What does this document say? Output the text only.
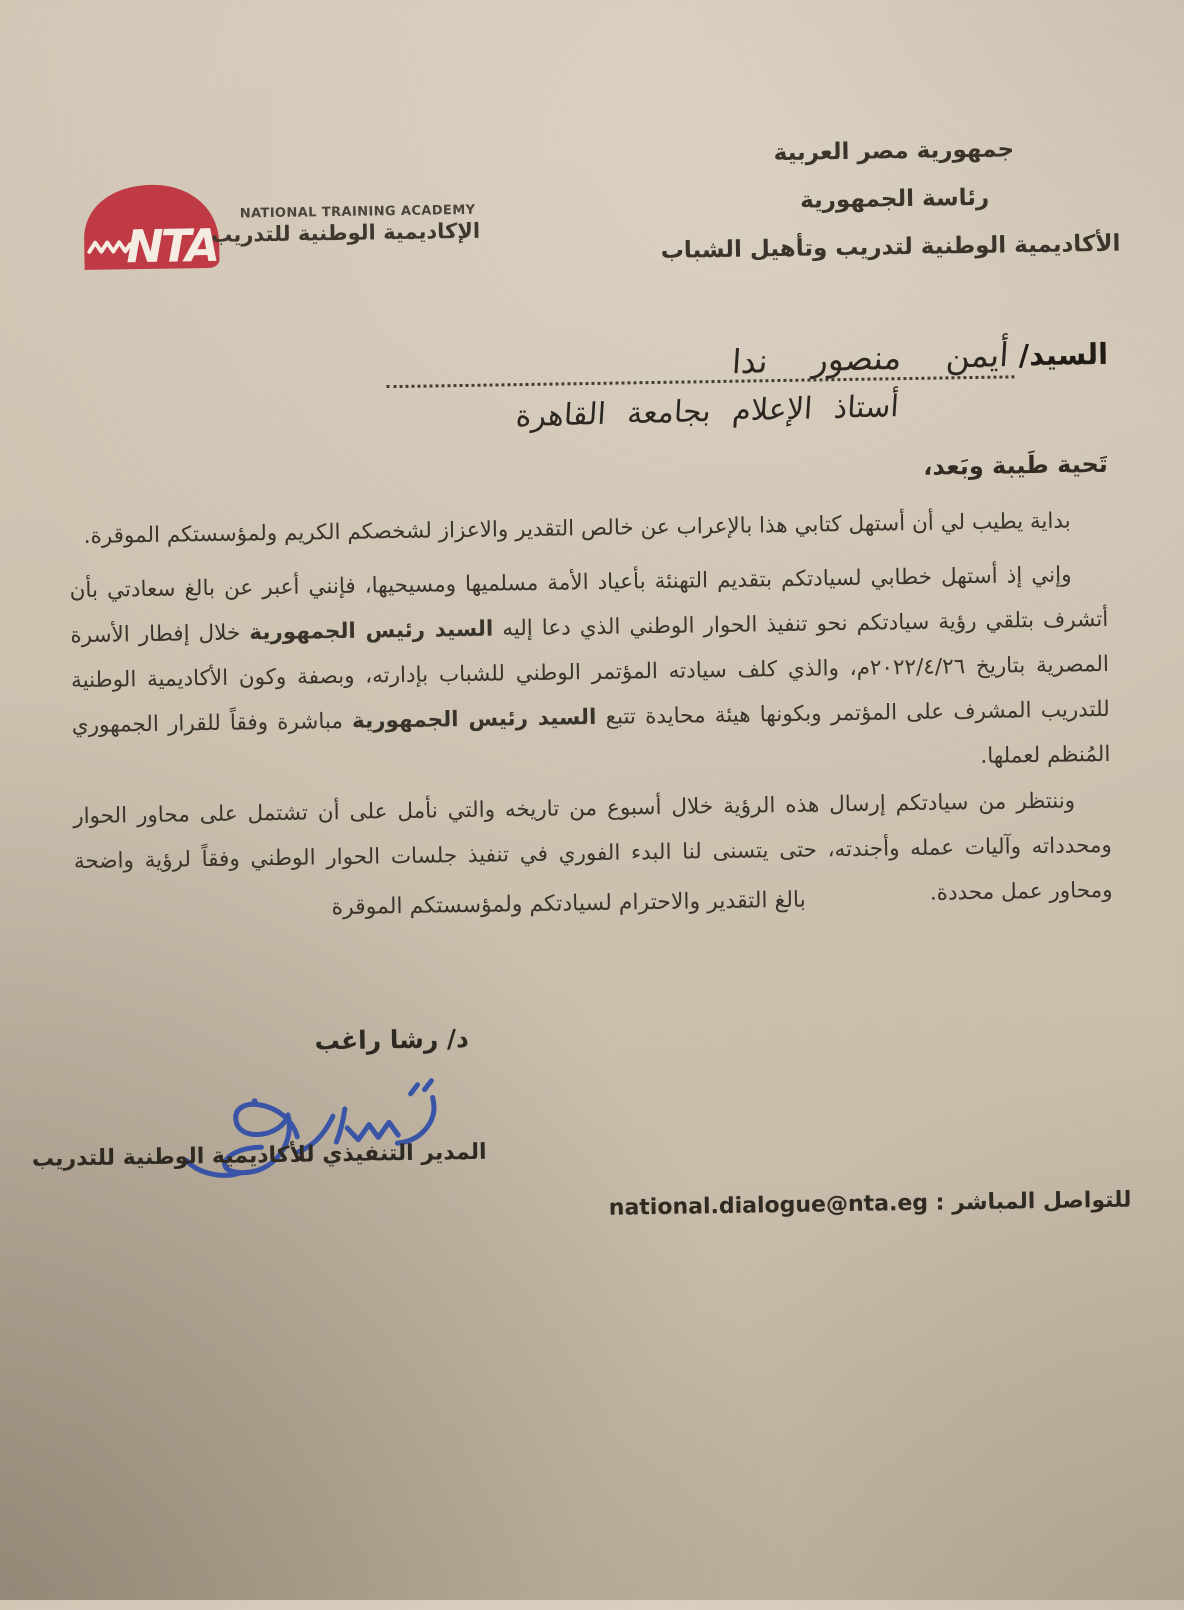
جمهورية مصر العربية
رئاسة الجمهورية
الأكاديمية الوطنية لتدريب وتأهيل الشباب
NTA
NATIONAL TRAINING ACADEMY
الإكاديمية الوطنية للتدريب
السيد/
أيمن منصور ندا
أستاذ الإعلام بجامعة القاهرة
تَحية طَيبة وبَعد،

بداية يطيب لي أن أستهل كتابي هذا بالإعراب عن خالص التقدير والاعزاز لشخصكم الكريم ولمؤسستكم الموقرة.

وإني إذ أستهل خطابي لسيادتكم بتقديم التهنئة بأعياد الأمة مسلميها ومسيحيها، فإنني أعبر عن بالغ سعادتي بأن أتشرف بتلقي رؤية سيادتكم نحو تنفيذ الحوار الوطني الذي دعا إليه السيد رئيس الجمهورية خلال إفطار الأسرة المصرية بتاريخ ٢٠٢٢/٤/٢٦م، والذي كلف سيادته المؤتمر الوطني للشباب بإدارته، وبصفة وكون الأكاديمية الوطنية للتدريب المشرف على المؤتمر وبكونها هيئة محايدة تتبع السيد رئيس الجمهورية مباشرة وفقاً للقرار الجمهوري المُنظم لعملها.

وننتظر من سيادتكم إرسال هذه الرؤية خلال أسبوع من تاريخه والتي نأمل على أن تشتمل على محاور الحوار ومحدداته وآليات عمله وأجندته، حتى يتسنى لنا البدء الفوري في تنفيذ جلسات الحوار الوطني وفقاً لرؤية واضحة ومحاور عمل محددة.

بالغ التقدير والاحترام لسيادتكم ولمؤسستكم الموقرة
د/ رشا راغب
المدير التنفيذي للأكاديمية الوطنية للتدريب
للتواصل المباشر : national.dialogue@nta.eg
